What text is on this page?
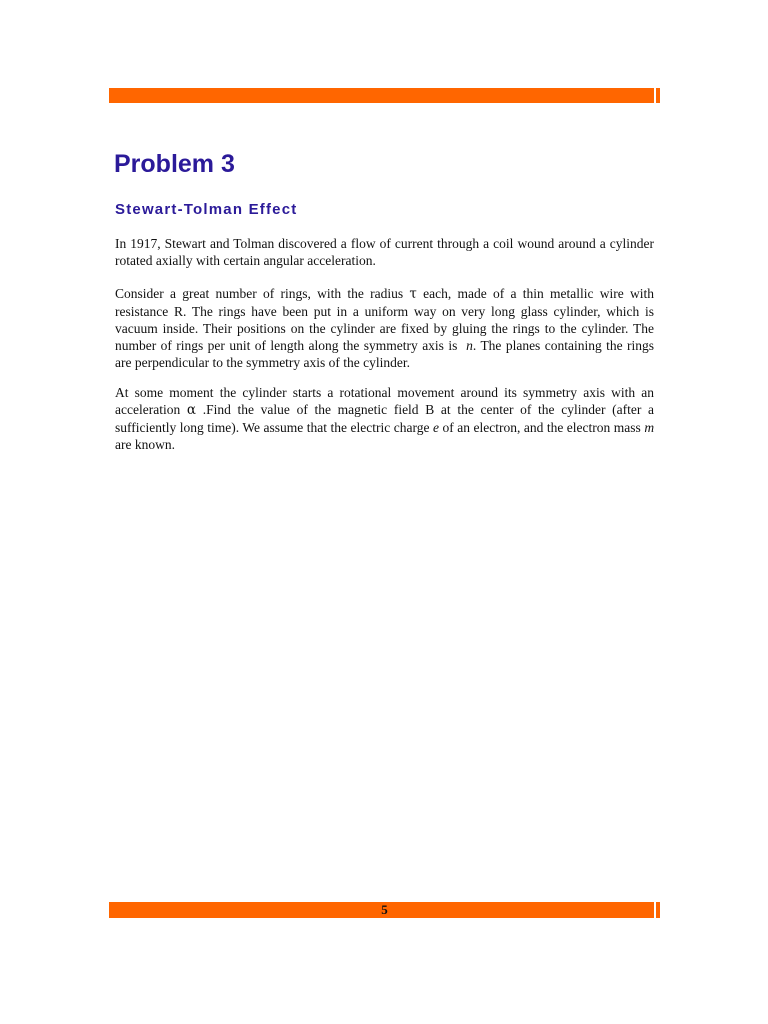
Problem 3
Stewart-Tolman Effect

In 1917, Stewart and Tolman discovered a flow of current through a coil wound around a cylinder rotated axially with certain angular acceleration.

Consider a great number of rings, with the radius τ each, made of a thin metallic wire with resistance R. The rings have been put in a uniform way on very long glass cylinder, which is vacuum inside. Their positions on the cylinder are fixed by gluing the rings to the cylinder. The number of rings per unit of length along the symmetry axis is n. The planes containing the rings are perpendicular to the symmetry axis of the cylinder.

At some moment the cylinder starts a rotational movement around its symmetry axis with an acceleration α .Find the value of the magnetic field B at the center of the cylinder (after a sufficiently long time). We assume that the electric charge e of an electron, and the electron mass m are known.

5
